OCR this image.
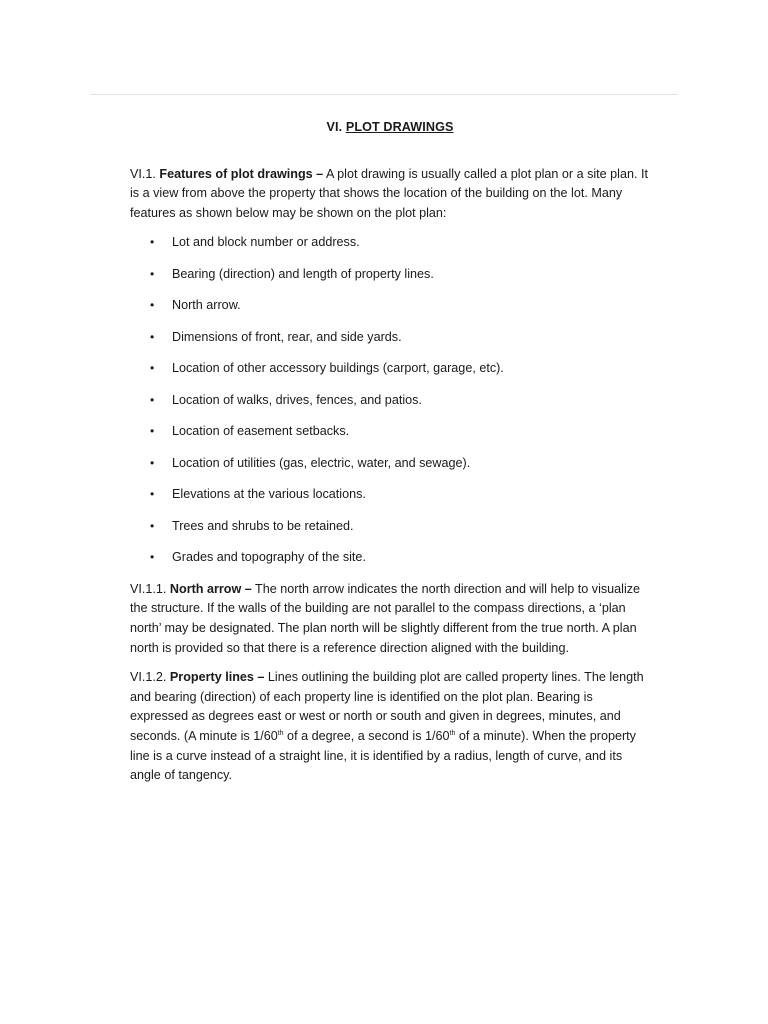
VI. PLOT DRAWINGS

VI.1. Features of plot drawings – A plot drawing is usually called a plot plan or a site plan. It is a view from above the property that shows the location of the building on the lot. Many features as shown below may be shown on the plot plan:

• Lot and block number or address.
• Bearing (direction) and length of property lines.
• North arrow.
• Dimensions of front, rear, and side yards.
• Location of other accessory buildings (carport, garage, etc).
• Location of walks, drives, fences, and patios.
• Location of easement setbacks.
• Location of utilities (gas, electric, water, and sewage).
• Elevations at the various locations.
• Trees and shrubs to be retained.
• Grades and topography of the site.

VI.1.1. North arrow – The north arrow indicates the north direction and will help to visualize the structure. If the walls of the building are not parallel to the compass directions, a ‘plan north’ may be designated. The plan north will be slightly different from the true north. A plan north is provided so that there is a reference direction aligned with the building.

VI.1.2. Property lines – Lines outlining the building plot are called property lines. The length and bearing (direction) of each property line is identified on the plot plan. Bearing is expressed as degrees east or west or north or south and given in degrees, minutes, and seconds. (A minute is 1/60th of a degree, a second is 1/60th of a minute). When the property line is a curve instead of a straight line, it is identified by a radius, length of curve, and its angle of tangency.
